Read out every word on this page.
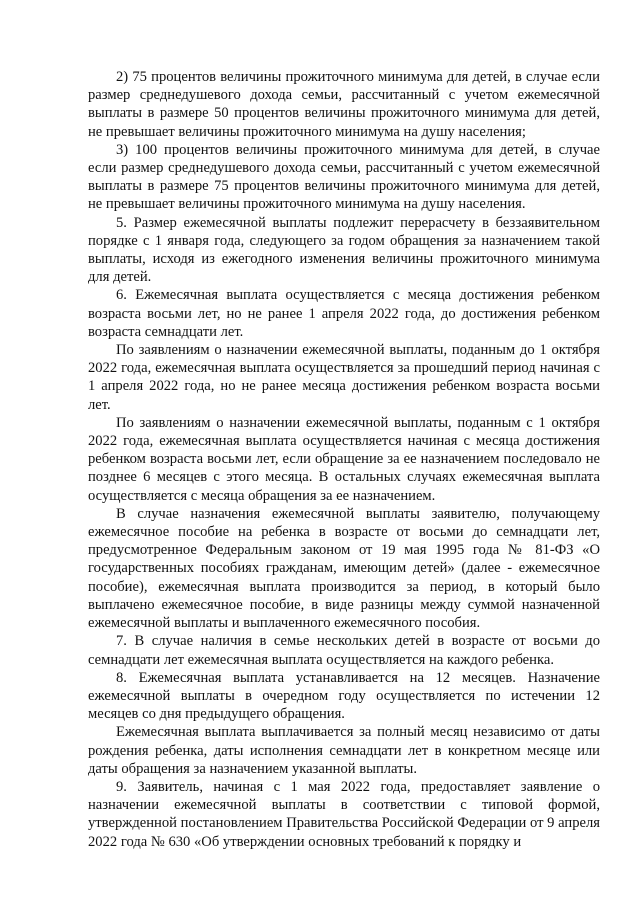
2) 75 процентов величины прожиточного минимума для детей, в случае если размер среднедушевого дохода семьи, рассчитанный с учетом ежемесячной выплаты в размере 50 процентов величины прожиточного минимума для детей, не превышает величины прожиточного минимума на душу населения;

3) 100 процентов величины прожиточного минимума для детей, в случае если размер среднедушевого дохода семьи, рассчитанный с учетом ежемесячной выплаты в размере 75 процентов величины прожиточного минимума для детей, не превышает величины прожиточного минимума на душу населения.

5. Размер ежемесячной выплаты подлежит перерасчету в беззаявительном порядке с 1 января года, следующего за годом обращения за назначением такой выплаты, исходя из ежегодного изменения величины прожиточного минимума для детей.

6. Ежемесячная выплата осуществляется с месяца достижения ребенком возраста восьми лет, но не ранее 1 апреля 2022 года, до достижения ребенком возраста семнадцати лет.

По заявлениям о назначении ежемесячной выплаты, поданным до 1 октября 2022 года, ежемесячная выплата осуществляется за прошедший период начиная с 1 апреля 2022 года, но не ранее месяца достижения ребенком возраста восьми лет.

По заявлениям о назначении ежемесячной выплаты, поданным с 1 октября 2022 года, ежемесячная выплата осуществляется начиная с месяца достижения ребенком возраста восьми лет, если обращение за ее назначением последовало не позднее 6 месяцев с этого месяца. В остальных случаях ежемесячная выплата осуществляется с месяца обращения за ее назначением.

В случае назначения ежемесячной выплаты заявителю, получающему ежемесячное пособие на ребенка в возрасте от восьми до семнадцати лет, предусмотренное Федеральным законом от 19 мая 1995 года № 81-ФЗ «О государственных пособиях гражданам, имеющим детей» (далее - ежемесячное пособие), ежемесячная выплата производится за период, в который было выплачено ежемесячное пособие, в виде разницы между суммой назначенной ежемесячной выплаты и выплаченного ежемесячного пособия.

7. В случае наличия в семье нескольких детей в возрасте от восьми до семнадцати лет ежемесячная выплата осуществляется на каждого ребенка.

8. Ежемесячная выплата устанавливается на 12 месяцев. Назначение ежемесячной выплаты в очередном году осуществляется по истечении 12 месяцев со дня предыдущего обращения.

Ежемесячная выплата выплачивается за полный месяц независимо от даты рождения ребенка, даты исполнения семнадцати лет в конкретном месяце или даты обращения за назначением указанной выплаты.

9. Заявитель, начиная с 1 мая 2022 года, предоставляет заявление о назначении ежемесячной выплаты в соответствии с типовой формой, утвержденной постановлением Правительства Российской Федерации от 9 апреля 2022 года № 630 «Об утверждении основных требований к порядку и
